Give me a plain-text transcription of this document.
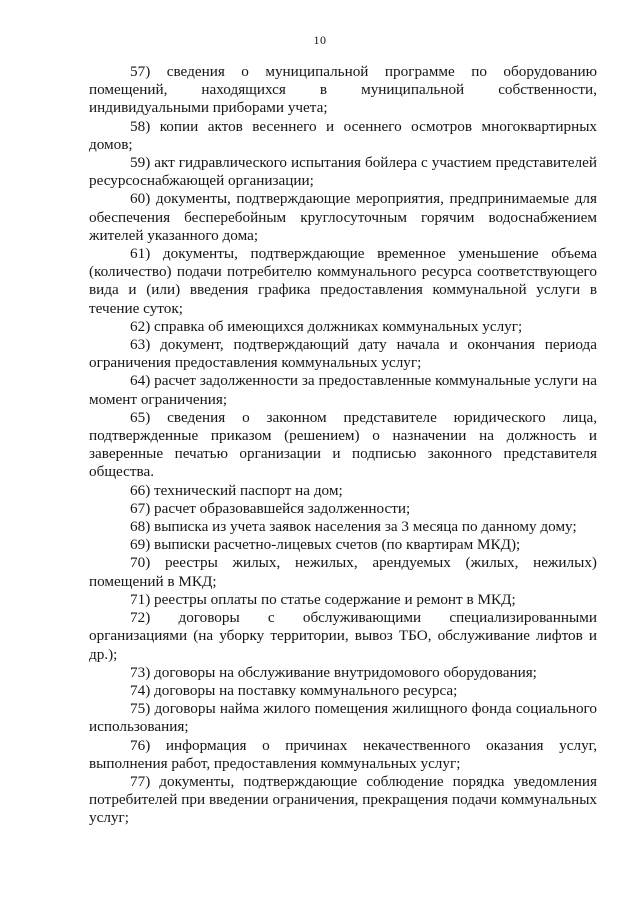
10

57) сведения о муниципальной программе по оборудованию помещений, находящихся в муниципальной собственности, индивидуальными приборами учета;

58) копии актов весеннего и осеннего осмотров многоквартирных домов;

59) акт гидравлического испытания бойлера с участием представителей ресурсоснабжающей организации;

60) документы, подтверждающие мероприятия, предпринимаемые для обеспечения бесперебойным круглосуточным горячим водоснабжением жителей указанного дома;

61) документы, подтверждающие временное уменьшение объема (количество) подачи потребителю коммунального ресурса соответствующего вида и (или) введения графика предоставления коммунальной услуги в течение суток;

62) справка об имеющихся должниках коммунальных услуг;

63) документ, подтверждающий дату начала и окончания периода ограничения предоставления коммунальных услуг;

64) расчет задолженности за предоставленные коммунальные услуги на момент ограничения;

65) сведения о законном представителе юридического лица, подтвержденные приказом (решением) о назначении на должность и заверенные печатью организации и подписью законного представителя общества.

66) технический паспорт на дом;

67) расчет образовавшейся задолженности;

68) выписка из учета заявок населения за 3 месяца по данному дому;

69) выписки расчетно-лицевых счетов (по квартирам МКД);

70) реестры жилых, нежилых, арендуемых (жилых, нежилых) помещений в МКД;

71) реестры оплаты по статье содержание и ремонт в МКД;

72) договоры с обслуживающими специализированными организациями (на уборку территории, вывоз ТБО, обслуживание лифтов и др.);

73) договоры на обслуживание внутридомового оборудования;

74) договоры на поставку коммунального ресурса;

75) договоры найма жилого помещения жилищного фонда социального использования;

76) информация о причинах некачественного оказания услуг, выполнения работ, предоставления коммунальных услуг;

77) документы, подтверждающие соблюдение порядка уведомления потребителей при введении ограничения, прекращения подачи коммунальных услуг;
